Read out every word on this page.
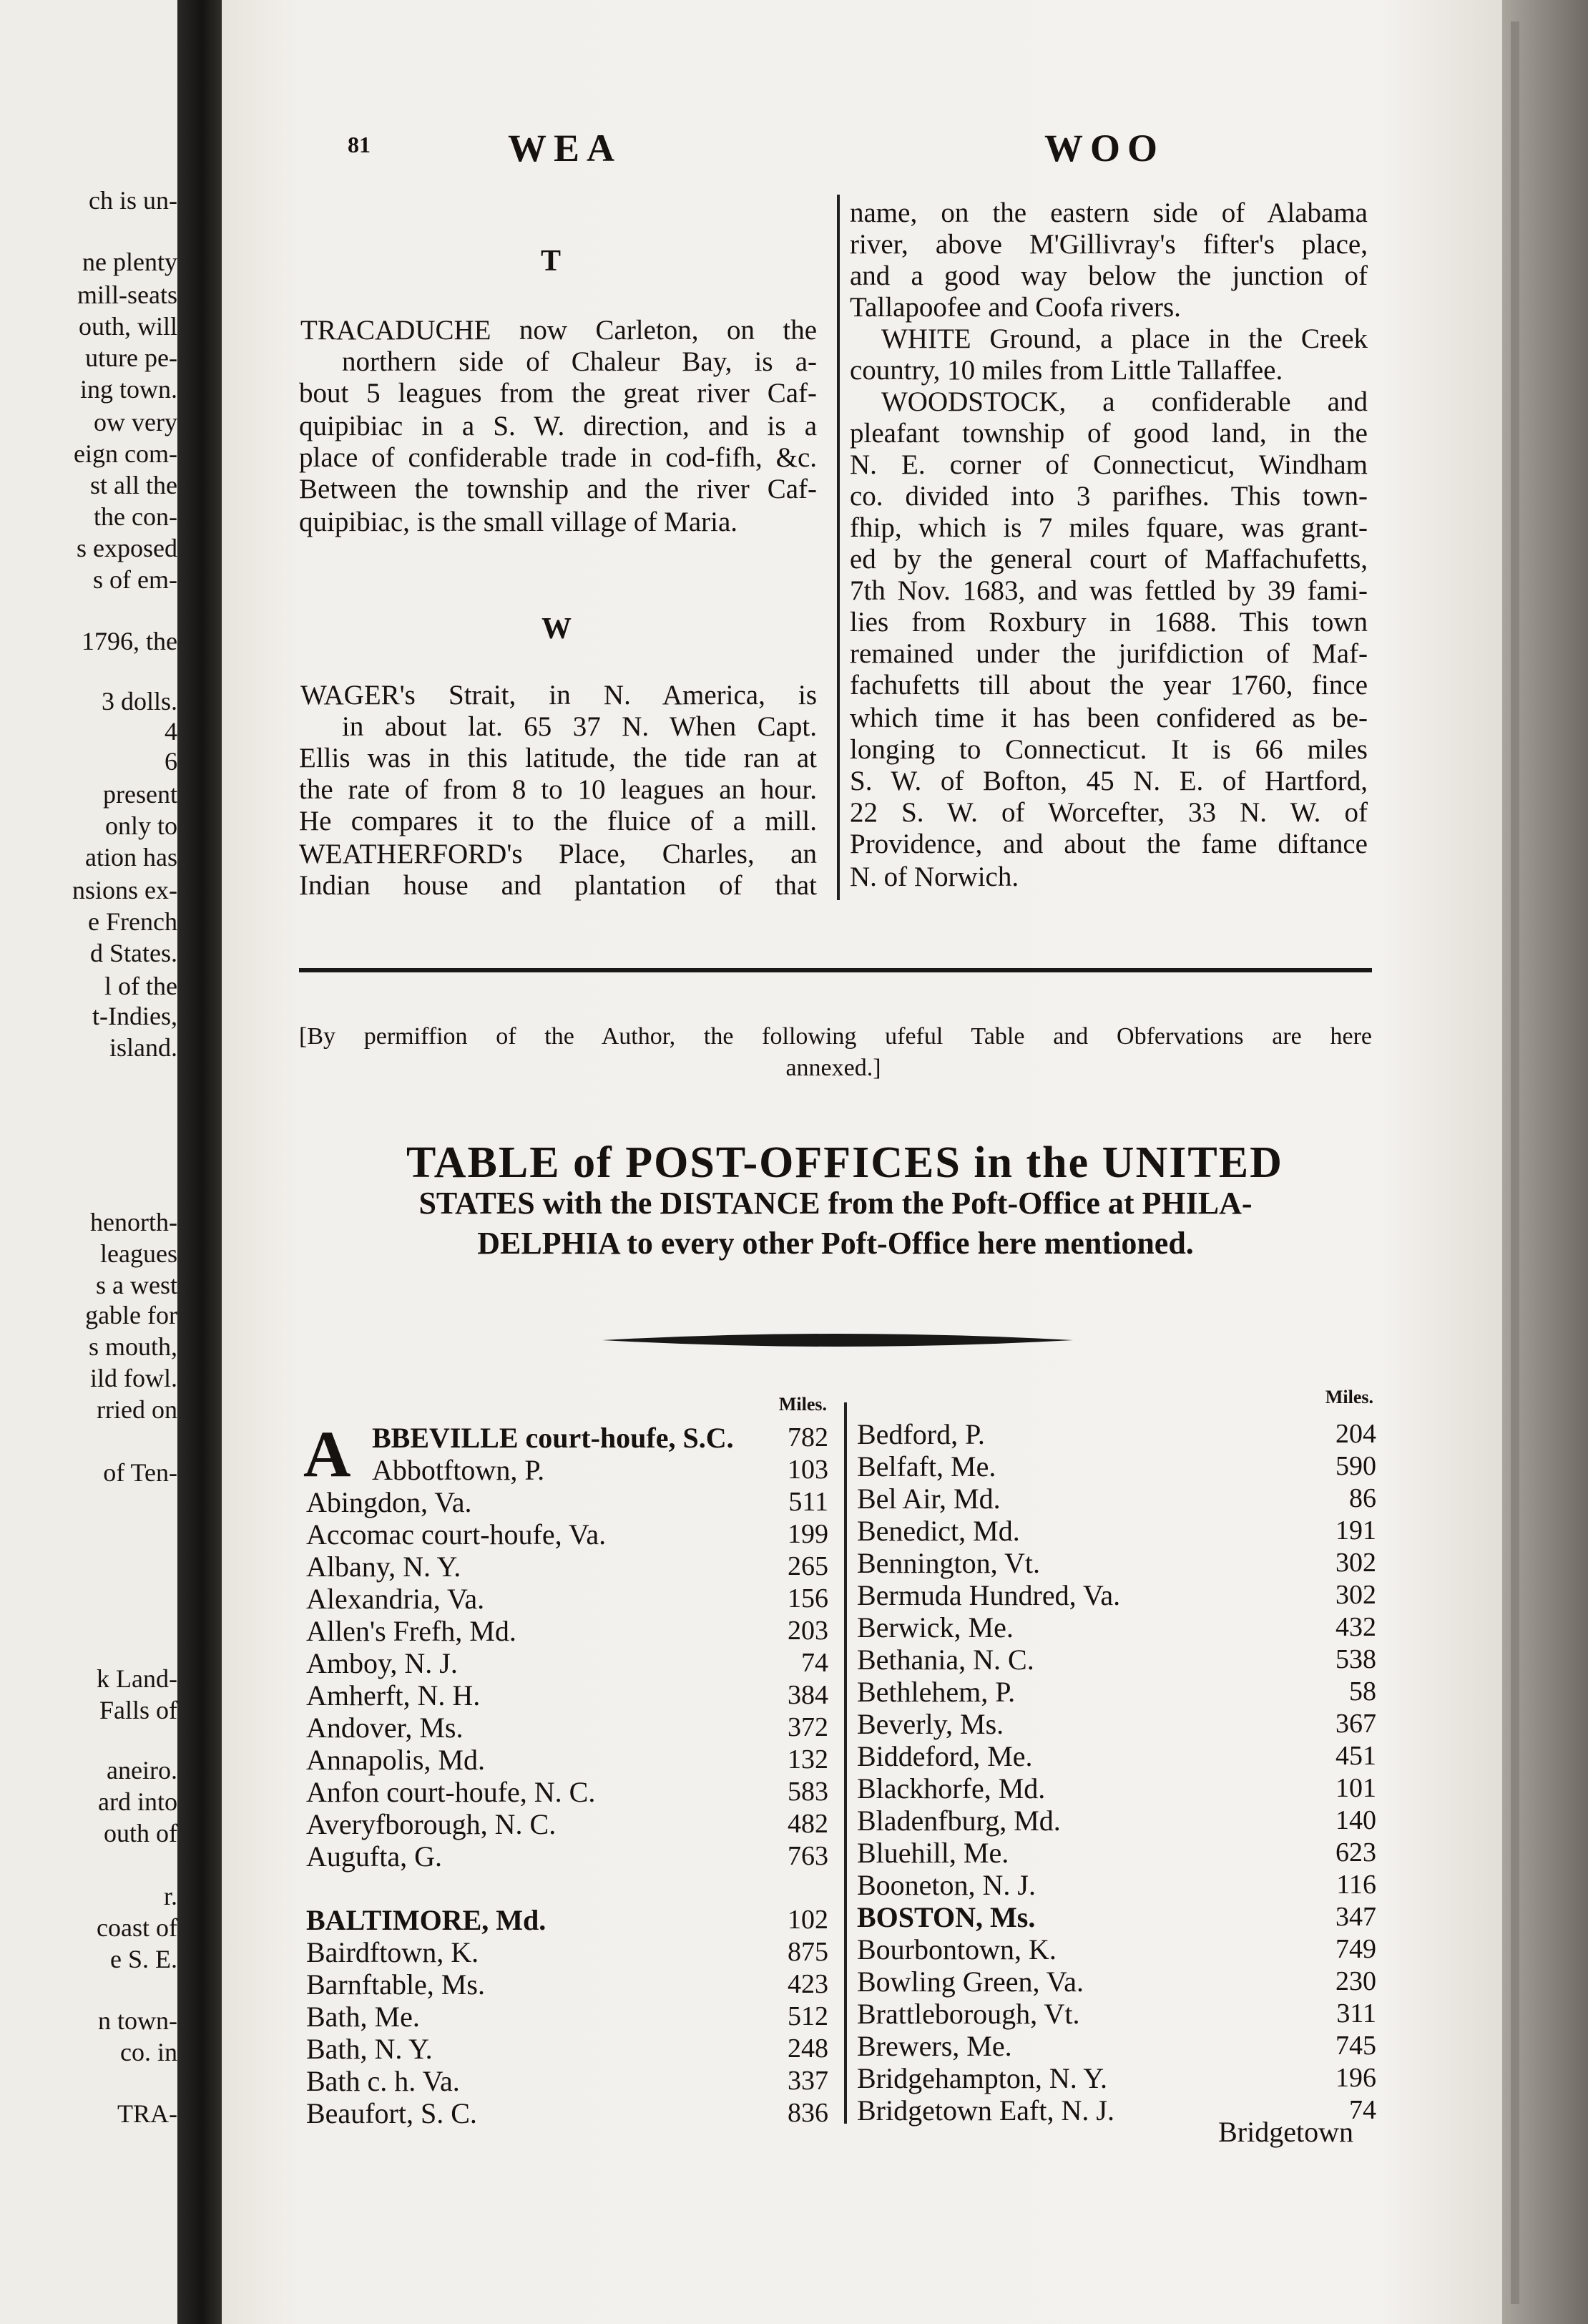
81	WEA	WOO
ch is un-
ne plenty
mill-seats
outh, will
uture pe-
ing town.
ow very
eign com-
st all the
the con-
s exposed
s of em-
1796, the
3 dolls.
4
6
present
only to
ation has
nsions ex-
e French
d States.
l of the
t-Indies,
island.
henorth-
leagues
s a west
gable for
s mouth,
ild fowl.
rried on
of Ten-
k Land-
Falls of
aneiro.
ard into
outh of
r.
coast of
e S. E.
n town-
co. in
TRA-
T
TRACADUCHE now Carleton, on the
northern side of Chaleur Bay, is a-
bout 5 leagues from the great river Caf-
quipibiac in a S. W. direction, and is a
place of confiderable trade in cod-fifh, &c.
Between the township and the river Caf-
quipibiac, is the small village of Maria.
W
WAGER's Strait, in N. America, is
in about lat. 65 37 N. When Capt.
Ellis was in this latitude, the tide ran at
the rate of from 8 to 10 leagues an hour.
He compares it to the fluice of a mill.
WEATHERFORD's Place, Charles, an
Indian house and plantation of that
name, on the eastern side of Alabama
river, above M'Gillivray's fifter's place,
and a good way below the junction of
Tallapoofee and Coofa rivers.
WHITE Ground, a place in the Creek
country, 10 miles from Little Tallaffee.
WOODSTOCK, a confiderable and
pleafant township of good land, in the
N. E. corner of Connecticut, Windham
co. divided into 3 parifhes. This town-
fhip, which is 7 miles fquare, was grant-
ed by the general court of Maffachufetts,
7th Nov. 1683, and was fettled by 39 fami-
lies from Roxbury in 1688. This town
remained under the jurifdiction of Maf-
fachufetts till about the year 1760, fince
which time it has been confidered as be-
longing to Connecticut. It is 66 miles
S. W. of Bofton, 45 N. E. of Hartford,
22 S. W. of Worcefter, 33 N. W. of
Providence, and about the fame diftance
N. of Norwich.
[By permiffion of the Author, the following ufeful Table and Obfervations are here
annexed.]
TABLE of POST-OFFICES in the UNITED
STATES with the DISTANCE from the Poft-Office at PHILA-
DELPHIA to every other Poft-Office here mentioned.
Miles.	Miles.
A BBEVILLE court-houfe, S.C. 782
Abbotftown, P.	103
Abingdon, Va.	511
Accomac court-houfe, Va.	199
Albany, N. Y.	265
Alexandria, Va.	156
Allen's Frefh, Md.	203
Amboy, N. J.	74
Amherft, N. H.	384
Andover, Ms.	372
Annapolis, Md.	132
Anfon court-houfe, N. C.	583
Averyfborough, N. C.	482
Augufta, G.	763
BALTIMORE, Md.	102
Bairdftown, K.	875
Barnftable, Ms.	423
Bath, Me.	512
Bath, N. Y.	248
Bath c. h. Va.	337
Beaufort, S. C.	836
Bedford, P.	204
Belfaft, Me.	590
Bel Air, Md.	86
Benedict, Md.	191
Bennington, Vt.	302
Bermuda Hundred, Va.	302
Berwick, Me.	432
Bethania, N. C.	538
Bethlehem, P.	58
Beverly, Ms.	367
Biddeford, Me.	451
Blackhorfe, Md.	101
Bladenfburg, Md.	140
Bluehill, Me.	623
Booneton, N. J.	116
BOSTON, Ms.	347
Bourbontown, K.	749
Bowling Green, Va.	230
Brattleborough, Vt.	311
Brewers, Me.	745
Bridgehampton, N. Y.	196
Bridgetown Eaft, N. J.	74
Bridgetown
